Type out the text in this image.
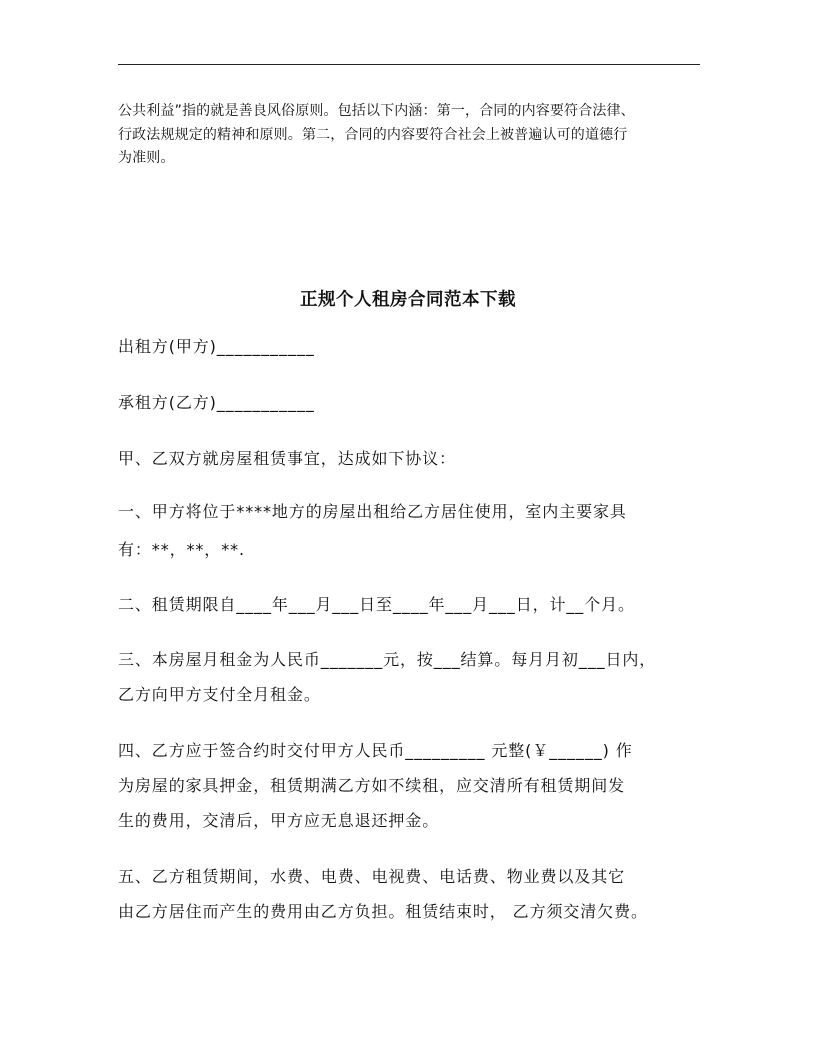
公共利益”指的就是善良风俗原则。包括以下内涵：第一，合同的内容要符合法律、

行政法规规定的精神和原则。第二，合同的内容要符合社会上被普遍认可的道德行

为准则。

正规个人租房合同范本下载

出租方(甲方)___________

承租方(乙方)___________

甲、乙双方就房屋租赁事宜，达成如下协议：

一、甲方将位于****地方的房屋出租给乙方居住使用，室内主要家具

有：**，**，**.

二、租赁期限自____年___月___日至____年___月___日，计__个月。

三、本房屋月租金为人民币_______元，按___结算。每月月初___日内，

乙方向甲方支付全月租金。

四、乙方应于签合约时交付甲方人民币_________ 元整(￥______) 作

为房屋的家具押金，租赁期满乙方如不续租，应交清所有租赁期间发

生的费用，交清后，甲方应无息退还押金。

五、乙方租赁期间，水费、电费、电视费、电话费、物业费以及其它

由乙方居住而产生的费用由乙方负担。租赁结束时， 乙方须交清欠费。
